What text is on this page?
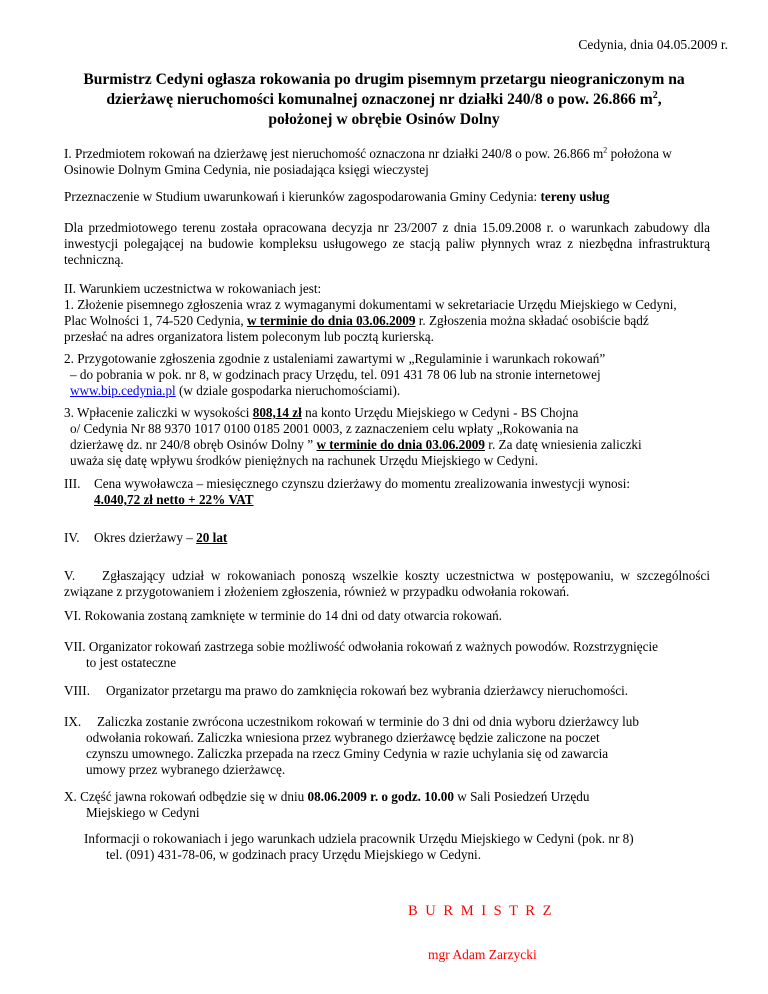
Cedynia, dnia 04.05.2009 r.
Burmistrz Cedyni ogłasza rokowania po drugim pisemnym przetargu nieograniczonym na
dzierżawę nieruchomości komunalnej oznaczonej nr działki 240/8 o pow. 26.866 $m^2$,
położonej w obrębie Osinów Dolny
I. Przedmiotem rokowań na dzierżawę jest nieruchomość oznaczona nr działki 240/8 o pow. 26.866 $m^2$ położona w Osinowie Dolnym Gmina Cedynia, nie posiadająca księgi wieczystej
Przeznaczenie w Studium uwarunkowań i kierunków zagospodarowania Gminy Cedynia: tereny usług
Dla przedmiotowego terenu została opracowana decyzja nr 23/2007 z dnia 15.09.2008 r. o warunkach zabudowy dla inwestycji polegającej na budowie kompleksu usługowego ze stacją paliw płynnych wraz z niezbędna infrastrukturą techniczną.
II. Warunkiem uczestnictwa w rokowaniach jest:
1. Złożenie pisemnego zgłoszenia wraz z wymaganymi dokumentami w sekretariacie Urzędu Miejskiego w Cedyni, Plac Wolności 1, 74-520 Cedynia, w terminie do dnia 03.06.2009 r. Zgłoszenia można składać osobiście bądź przesłać na adres organizatora listem poleconym lub pocztą kurierską.
2. Przygotowanie zgłoszenia zgodnie z ustaleniami zawartymi w „Regulaminie i warunkach rokowań”
– do pobrania w pok. nr 8, w godzinach pracy Urzędu, tel. 091 431 78 06 lub na stronie internetowej
www.bip.cedynia.pl (w dziale gospodarka nieruchomościami).
3. Wpłacenie zaliczki w wysokości 808,14 zł na konto Urzędu Miejskiego w Cedyni - BS Chojna
o/ Cedynia Nr 88 9370 1017 0100 0185 2001 0003, z zaznaczeniem celu wpłaty „Rokowania na
dzierżawę dz. nr 240/8 obręb Osinów Dolny ” w terminie do dnia 03.06.2009 r. Za datę wniesienia zaliczki
uważa się datę wpływu środków pieniężnych na rachunek Urzędu Miejskiego w Cedyni.
III. Cena wywoławcza – miesięcznego czynszu dzierżawy do momentu zrealizowania inwestycji wynosi:
4.040,72 zł netto + 22% VAT
IV. Okres dzierżawy – 20 lat
V.    Zgłaszający udział w rokowaniach ponoszą wszelkie koszty uczestnictwa w postępowaniu, w szczególności związane z przygotowaniem i złożeniem zgłoszenia, również w przypadku odwołania rokowań.
VI. Rokowania zostaną zamknięte w terminie do 14 dni od daty otwarcia rokowań.
VII. Organizator rokowań zastrzega sobie możliwość odwołania rokowań z ważnych powodów. Rozstrzygnięcie
to jest ostateczne
VIII. Organizator przetargu ma prawo do zamknięcia rokowań bez wybrania dzierżawcy nieruchomości.
IX. Zaliczka zostanie zwrócona uczestnikom rokowań w terminie do 3 dni od dnia wyboru dzierżawcy lub
odwołania rokowań. Zaliczka wniesiona przez wybranego dzierżawcę będzie zaliczone na poczet
czynszu umownego. Zaliczka przepada na rzecz Gminy Cedynia w razie uchylania się od zawarcia
umowy przez wybranego dzierżawcę.
X. Część jawna rokowań odbędzie się w dniu 08.06.2009 r. o godz. 10.00 w Sali Posiedzeń Urzędu
Miejskiego w Cedyni
Informacji o rokowaniach i jego warunkach udziela pracownik Urzędu Miejskiego w Cedyni (pok. nr 8)
tel. (091) 431-78-06, w godzinach pracy Urzędu Miejskiego w Cedyni.
B U R M I S T R Z
mgr Adam Zarzycki
